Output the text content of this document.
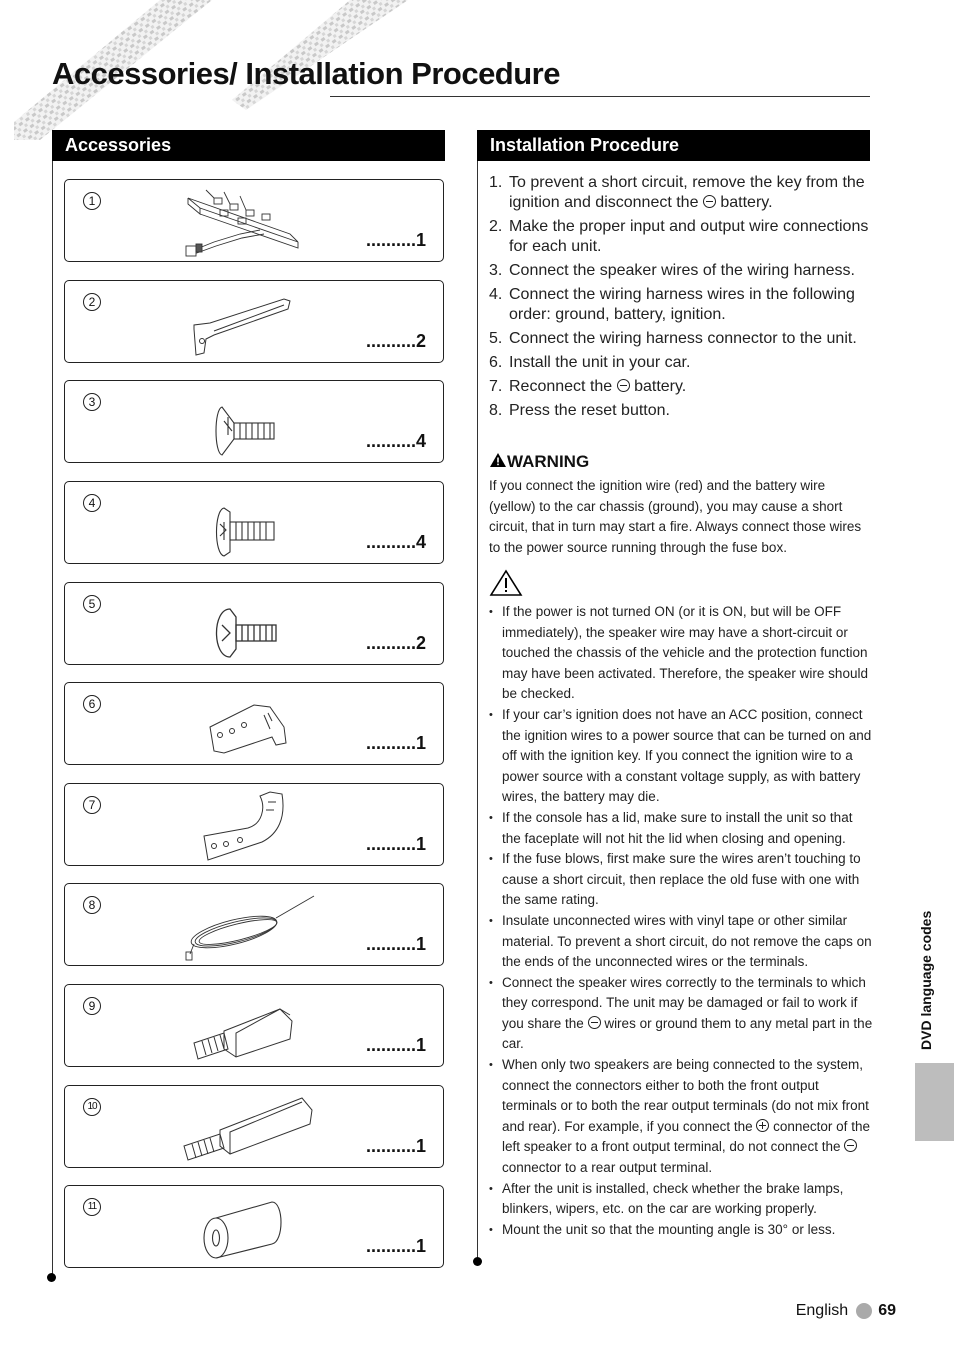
Accessories/ Installation Procedure
Accessories	Installation Procedure
1
..........1
2
..........2
3
..........4
4
..........4
5
..........2
6
..........1
7
..........1
8
..........1
9
..........1
10
..........1
11
..........1
1. To prevent a short circuit, remove the key from the ignition and disconnect the  battery.
2. Make the proper input and output wire connections for each unit.
3. Connect the speaker wires of the wiring harness.
4. Connect the wiring harness wires in the following order: ground, battery, ignition.
5. Connect the wiring harness connector to the unit.
6. Install the unit in your car.
7. Reconnect the  battery.
8. Press the reset button.
WARNING

If you connect the ignition wire (red) and the battery wire (yellow) to the car chassis (ground), you may cause a short circuit, that in turn may start a fire. Always connect those wires to the power source running through the fuse box.

• If the power is not turned ON (or it is ON, but will be OFF immediately), the speaker wire may have a short-circuit or touched the chassis of the vehicle and the protection function may have been activated. Therefore, the speaker wire should be checked.
• If your car’s ignition does not have an ACC position, connect the ignition wires to a power source that can be turned on and off with the ignition key. If you connect the ignition wire to a power source with a constant voltage supply, as with battery wires, the battery may die.
• If the console has a lid, make sure to install the unit so that the faceplate will not hit the lid when closing and opening.
• If the fuse blows, first make sure the wires aren’t touching to cause a short circuit, then replace the old fuse with one with the same rating.
• Insulate unconnected wires with vinyl tape or other similar material. To prevent a short circuit, do not remove the caps on the ends of the unconnected wires or the terminals.
• Connect the speaker wires correctly to the terminals to which they correspond. The unit may be damaged or fail to work if you share the  wires or ground them to any metal part in the car.
• When only two speakers are being connected to the system, connect the connectors either to both the front output terminals or to both the rear output terminals (do not mix front and rear). For example, if you connect the  connector of the left speaker to a front output terminal, do not connect the  connector to a rear output terminal.
• After the unit is installed, check whether the brake lamps, blinkers, wipers, etc. on the car are working properly.
• Mount the unit so that the mounting angle is 30° or less.
DVD language codes
English 69
